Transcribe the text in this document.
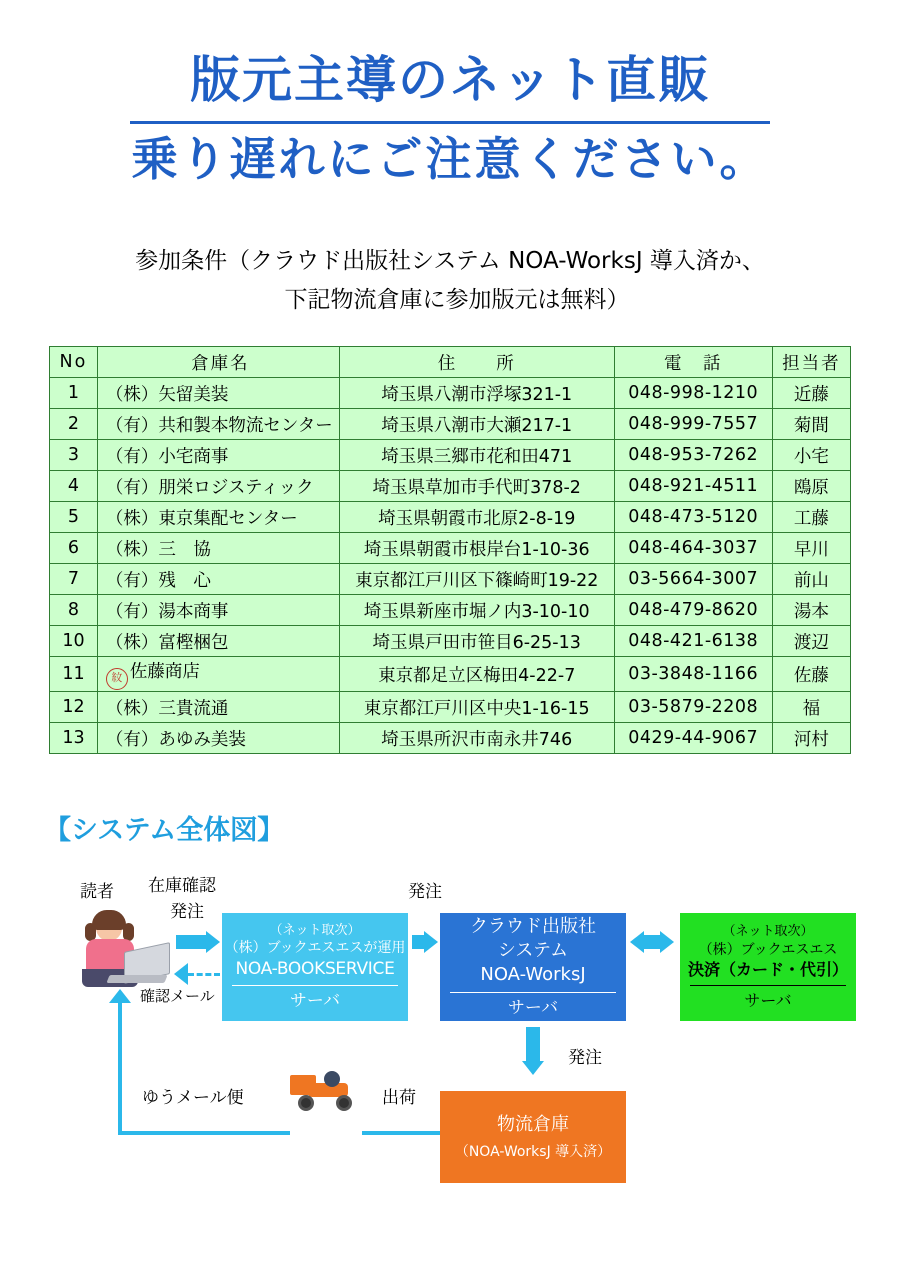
版元主導のネット直販
乗り遅れにご注意ください。
参加条件（クラウド出版社システム NOA-WorksJ 導入済か、
下記物流倉庫に参加版元は無料）
No	倉庫名	住　　所	電　話	担当者
1	（株）矢留美装	埼玉県八潮市浮塚321-1	048-998-1210	近藤
2	（有）共和製本物流センター	埼玉県八潮市大瀬217-1	048-999-7557	菊間
3	（有）小宅商事	埼玉県三郷市花和田471	048-953-7262	小宅
4	（有）朋栄ロジスティック	埼玉県草加市手代町378-2	048-921-4511	鴎原
5	（株）東京集配センター	埼玉県朝霞市北原2-8-19	048-473-5120	工藤
6	（株）三　協	埼玉県朝霞市根岸台1-10-36	048-464-3037	早川
7	（有）残　心	東京都江戸川区下篠崎町19-22	03-5664-3007	前山
8	（有）湯本商事	埼玉県新座市堀ノ内3-10-10	048-479-8620	湯本
10	（株）富樫梱包	埼玉県戸田市笹目6-25-13	048-421-6138	渡辺
11	紋 佐藤商店	東京都足立区梅田4-22-7	03-3848-1166	佐藤
12	（株）三貴流通	東京都江戸川区中央1-16-15	03-5879-2208	福
13	（有）あゆみ美装	埼玉県所沢市南永井746	0429-44-9067	河村
【システム全体図】
読者 在庫確認
発注
確認メール
発注
発注
ゆうメール便	出荷
（ネット取次）
（株）ブックエスエスが運用
NOA-BOOKSERVICE
サーバ
クラウド出版社
システム
NOA-WorksJ
サーバ
（ネット取次）
（株）ブックエスエス
決済（カード・代引）
サーバ
物流倉庫
（NOA-WorksJ 導入済）
